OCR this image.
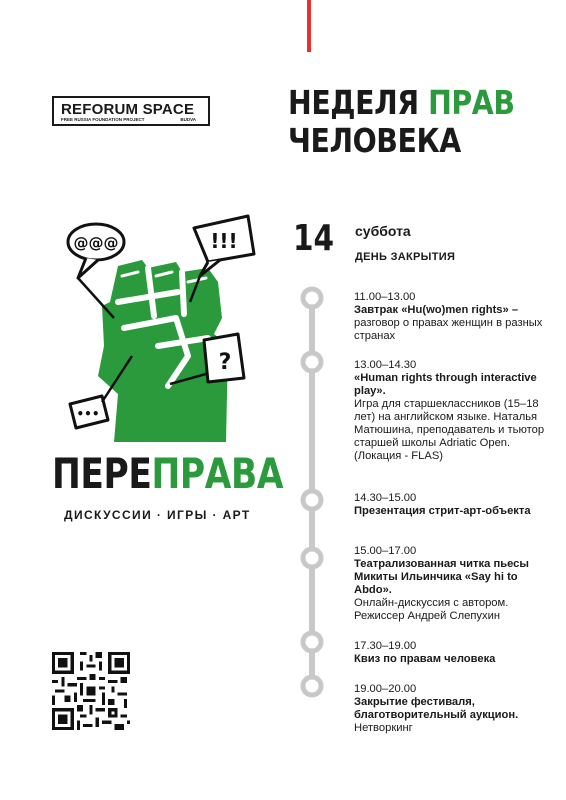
REFORUM SPACE
FREE RUSSIA FOUNDATION PROJECT	BUDVA	НЕДЕЛЯ ПРАВ
ЧЕЛОВЕКА
@@@	!!!
?
•••
ПЕРЕПРАВА
ДИСКУССИИ · ИГРЫ · АРТ
14 суббота
ДЕНЬ ЗАКРЫТИЯ
11.00–13.00
Завтрак «Hu(wo)men rights» –
разговор о правах женщин в разных странах
13.00–14.30
«Human rights through interactive play».
Игра для старшеклассников (15–18 лет) на английском языке. Наталья Матюшина, преподаватель и тьютор старшей школы Adriatic Open. (Локация - FLAS)
14.30–15.00
Презентация стрит-арт-объекта
15.00–17.00
Театрализованная читка пьесы Микиты Ильинчика «Say hi to Abdo».
Онлайн-дискуссия с автором. Режиссер Андрей Слепухин
17.30–19.00
Квиз по правам человека
19.00–20.00
Закрытие фестиваля, благотворительный аукцион.
Нетворкинг
